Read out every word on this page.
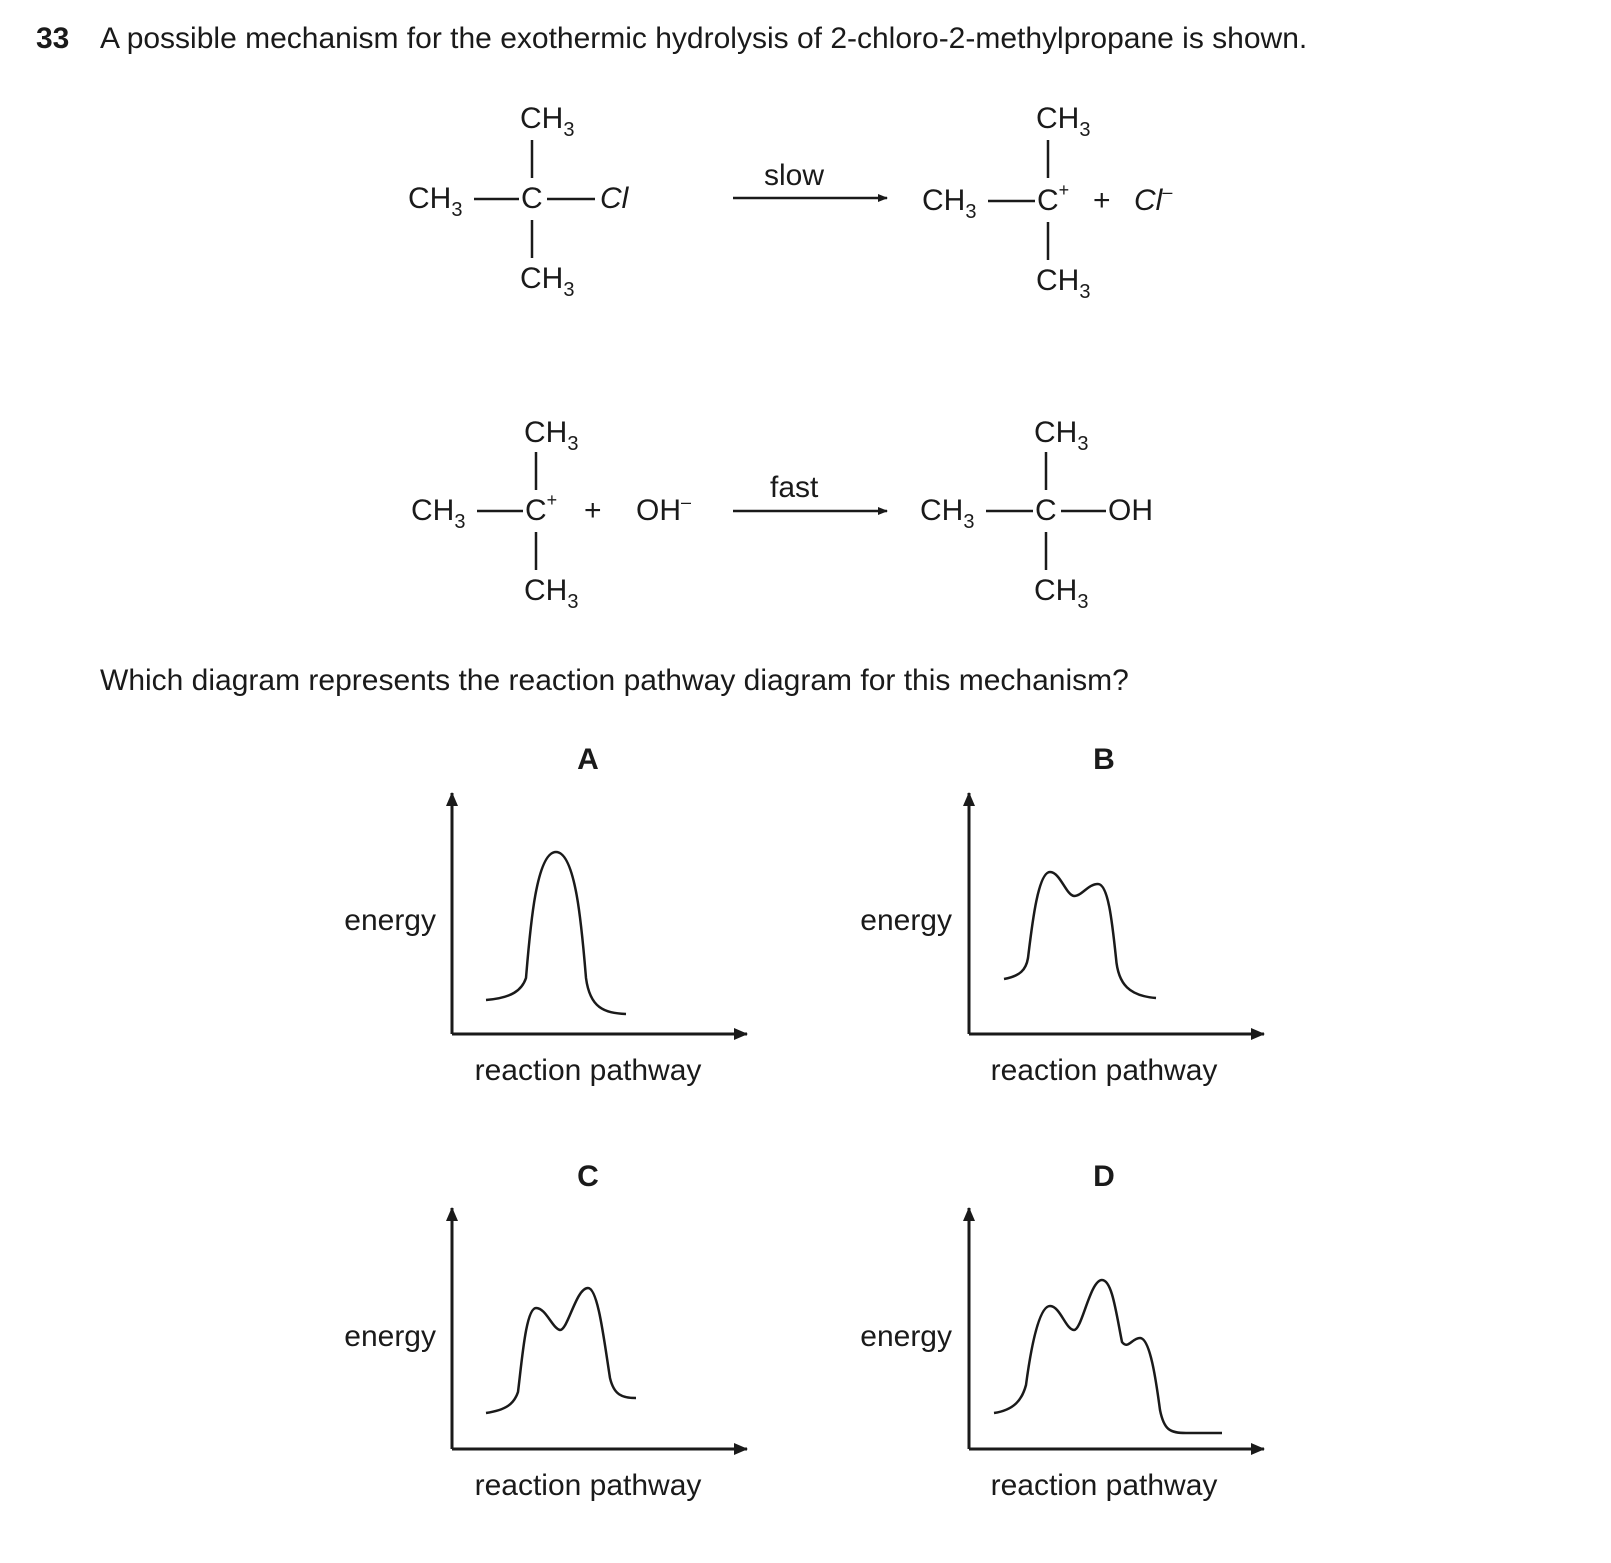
33 A possible mechanism for the exothermic hydrolysis of 2-chloro-2-methylpropane is shown.
Which diagram represents the reaction pathway diagram for this mechanism?
$CH_3$
$CH_3$ C Cl
$CH_3$
slow
$CH_3$
$CH_3$ C+
$CH_3$
+ Cl–
$CH_3$
$CH_3$ C+
$CH_3$
+ OH–	fast
$CH_3$
$CH_3$ C OH
$CH_3$
A
energy
reaction pathway
B
energy
reaction pathway
C
energy
reaction pathway
D
energy
reaction pathway
